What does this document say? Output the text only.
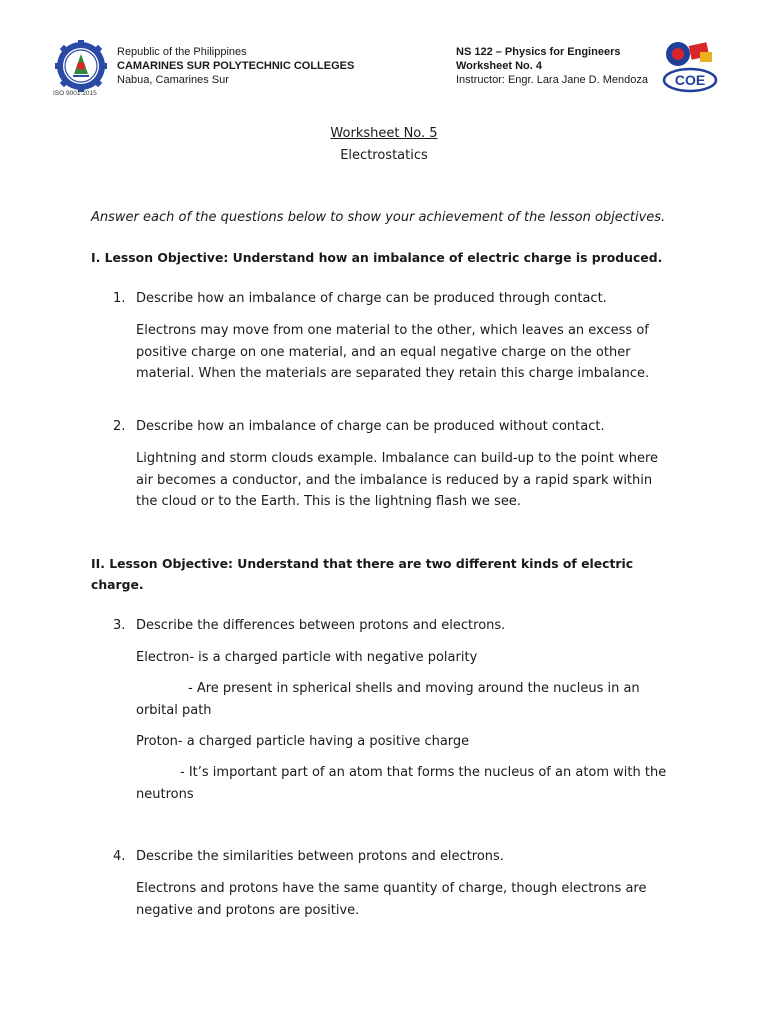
ISO 9001:2015
Republic of the Philippines
CAMARINES SUR POLYTECHNIC COLLEGES
Nabua, Camarines Sur
NS 122 – Physics for Engineers
Worksheet No. 4
Instructor: Engr. Lara Jane D. Mendoza COE
Worksheet No. 5
Electrostatics
Answer each of the questions below to show your achievement of the lesson objectives.
I. Lesson Objective: Understand how an imbalance of electric charge is produced.
1. Describe how an imbalance of charge can be produced through contact.
Electrons may move from one material to the other, which leaves an excess of positive charge on one material, and an equal negative charge on the other material. When the materials are separated they retain this charge imbalance.
2. Describe how an imbalance of charge can be produced without contact.
Lightning and storm clouds example. Imbalance can build-up to the point where air becomes a conductor, and the imbalance is reduced by a rapid spark within the cloud or to the Earth. This is the lightning flash we see.
II. Lesson Objective: Understand that there are two different kinds of electric charge.
3. Describe the differences between protons and electrons.
Electron- is a charged particle with negative polarity
- Are present in spherical shells and moving around the nucleus in an orbital path
Proton- a charged particle having a positive charge
- It’s important part of an atom that forms the nucleus of an atom with the neutrons
4. Describe the similarities between protons and electrons.
Electrons and protons have the same quantity of charge, though electrons are negative and protons are positive.
